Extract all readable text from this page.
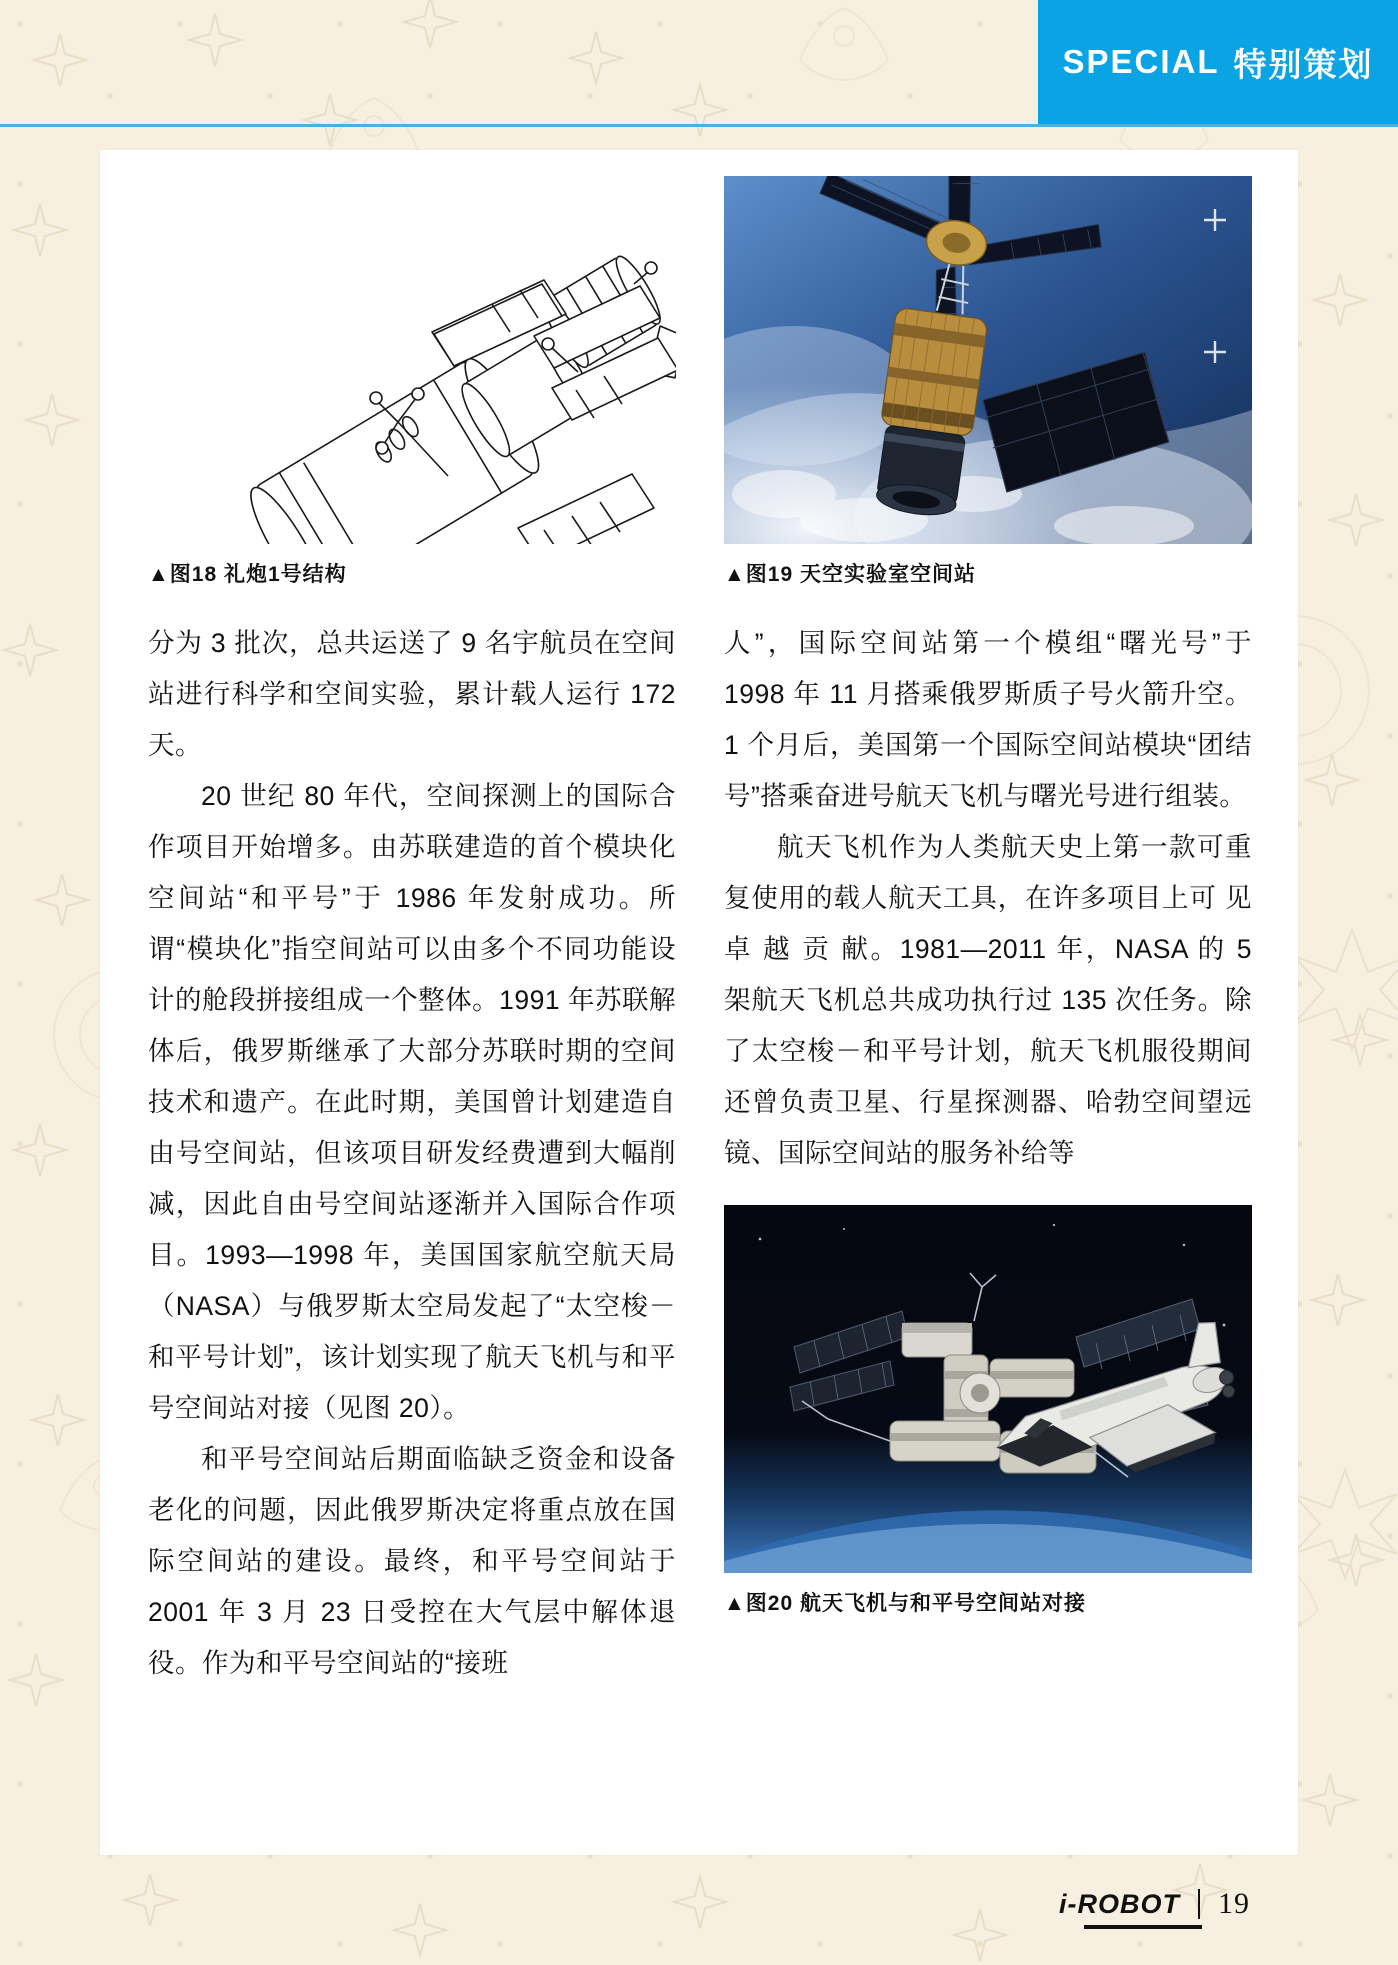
SPECIAL 特别策划
▲图18 礼炮1号结构	▲图19 天空实验室空间站

分为 3 批次，总共运送了 9 名宇航员在空间站进行科学和空间实验，累计载人运行 172 天。

20 世纪 80 年代，空间探测上的国际合作项目开始增多。由苏联建造的首个模块化空间站“和平号”于 1986 年发射成功。所谓“模块化”指空间站可以由多个不同功能设计的舱段拼接组成一个整体。1991 年苏联解体后，俄罗斯继承了大部分苏联时期的空间技术和遗产。在此时期，美国曾计划建造自由号空间站，但该项目研发经费遭到大幅削减，因此自由号空间站逐渐并入国际合作项目。1993—1998 年，美国国家航空航天局（NASA）与俄罗斯太空局发起了“太空梭－和平号计划”，该计划实现了航天飞机与和平号空间站对接（见图 20）。

和平号空间站后期面临缺乏资金和设备老化的问题，因此俄罗斯决定将重点放在国际空间站的建设。最终，和平号空间站于 2001 年 3 月 23 日受控在大气层中解体退役。作为和平号空间站的“接班

人”，国际空间站第一个模组“曙光号”于 1998 年 11 月搭乘俄罗斯质子号火箭升空。1 个月后，美国第一个国际空间站模块“团结号”搭乘奋进号航天飞机与曙光号进行组装。

航天飞机作为人类航天史上第一款可重复使用的载人航天工具，在许多项目上可 见 卓 越 贡 献。1981—2011 年，NASA 的 5 架航天飞机总共成功执行过 135 次任务。除了太空梭－和平号计划，航天飞机服役期间还曾负责卫星、行星探测器、哈勃空间望远镜、国际空间站的服务补给等

▲图20 航天飞机与和平号空间站对接
i-ROBOT 19
